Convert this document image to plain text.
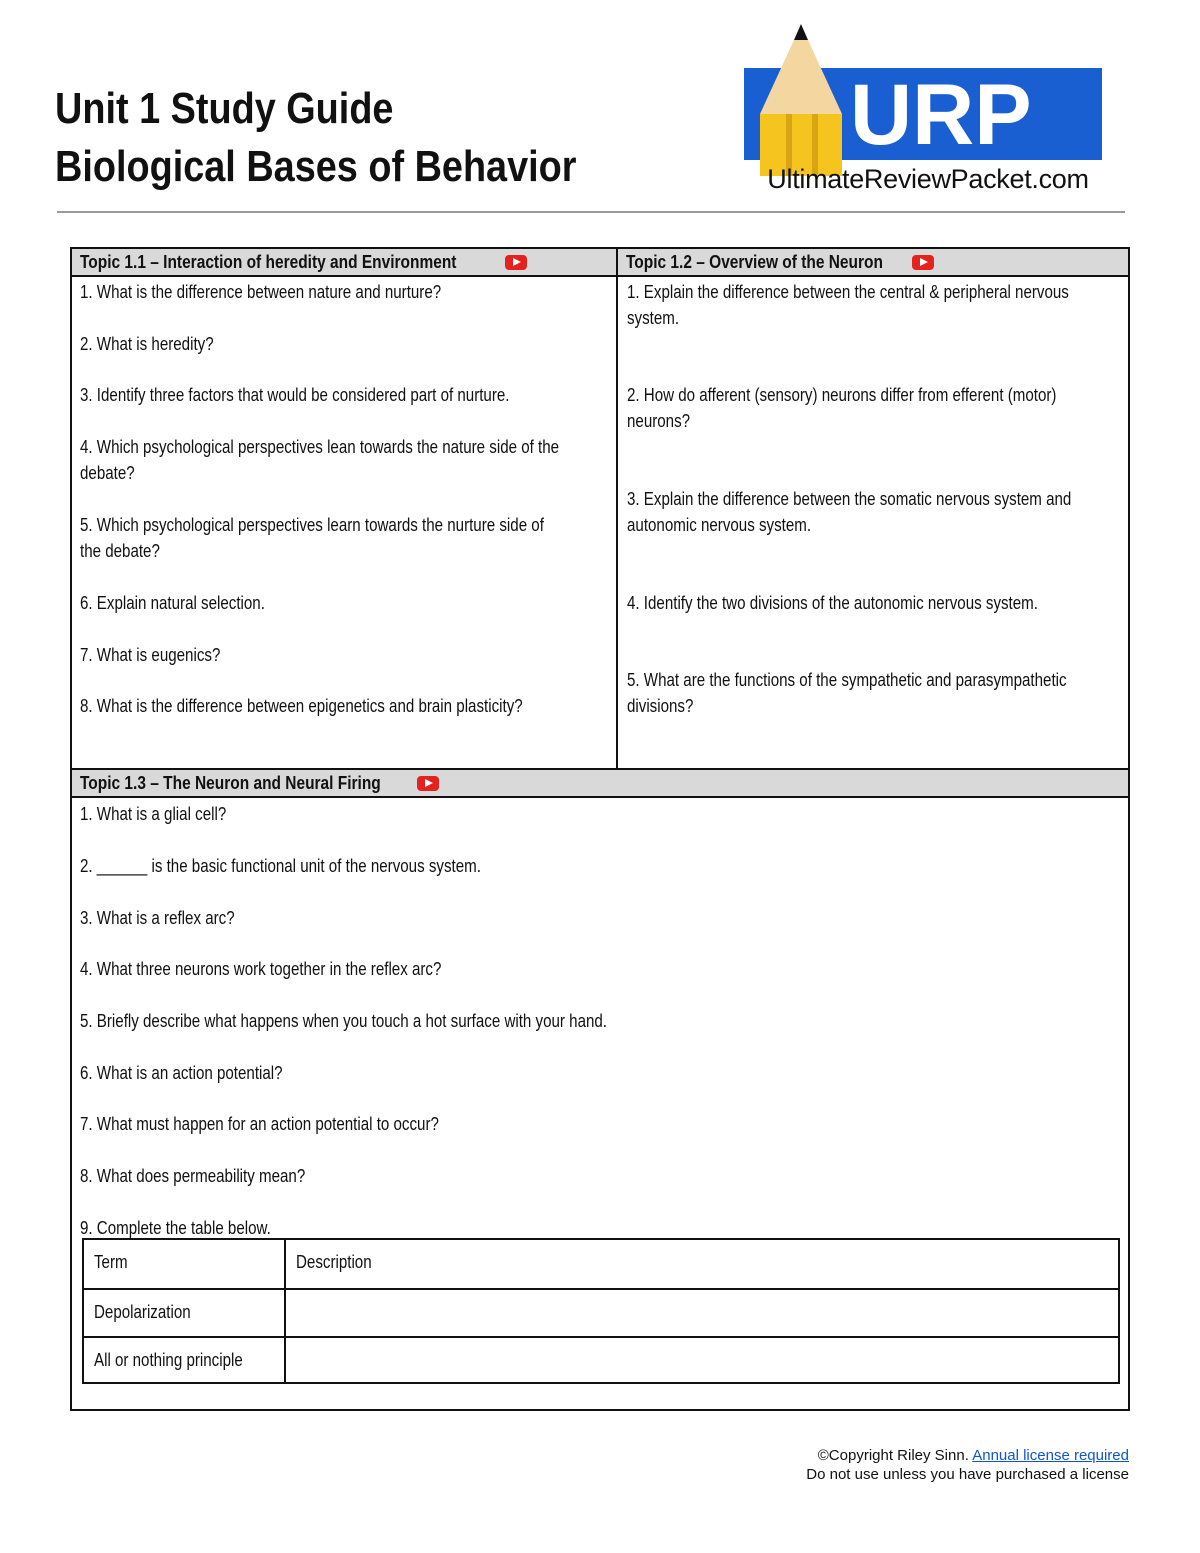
Unit 1 Study Guide
Biological Bases of Behavior
URP
UltimateReviewPacket.com
Topic 1.1 – Interaction of heredity and Environment	Topic 1.2 – Overview of the Neuron
1. What is the difference between nature and nurture?
2. What is heredity?
3. Identify three factors that would be considered part of nurture.
4. Which psychological perspectives lean towards the nature side of the
debate?
5. Which psychological perspectives learn towards the nurture side of
the debate?
6. Explain natural selection.
7. What is eugenics?
8. What is the difference between epigenetics and brain plasticity?
1. Explain the difference between the central & peripheral nervous
system.
2. How do afferent (sensory) neurons differ from efferent (motor)
neurons?
3. Explain the difference between the somatic nervous system and
autonomic nervous system.
4. Identify the two divisions of the autonomic nervous system.
5. What are the functions of the sympathetic and parasympathetic
divisions?
Topic 1.3 – The Neuron and Neural Firing
1. What is a glial cell?
2. ______ is the basic functional unit of the nervous system.
3. What is a reflex arc?
4. What three neurons work together in the reflex arc?
5. Briefly describe what happens when you touch a hot surface with your hand.
6. What is an action potential?
7. What must happen for an action potential to occur?
8. What does permeability mean?
9. Complete the table below.
Term	Description
Depolarization
All or nothing principle
©Copyright Riley Sinn. Annual license required
Do not use unless you have purchased a license
